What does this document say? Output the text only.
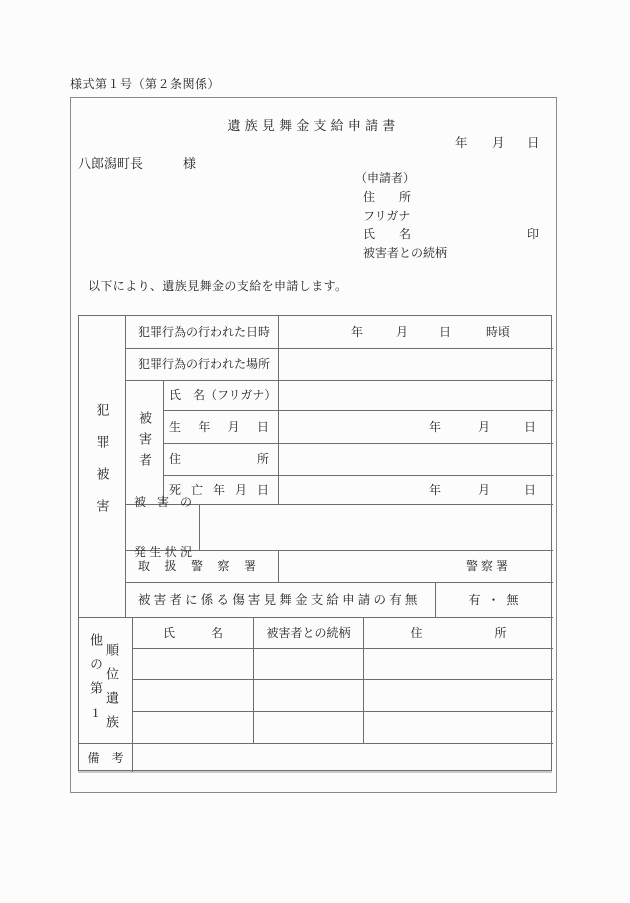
様式第１号（第２条関係）
遺族見舞金支給申請書
年 月 日
八郎潟町長	様
（申請者）
住　　所
フリガナ
氏　　名	印
被害者との続柄
以下により、遺族見舞金の支給を申請します。
犯罪被害
犯罪行為の行われた日時	年	月	日	時頃
犯罪行為の行われた場所
被害者
氏　名（フリガナ）
生 年 月 日	年	月	日
住 所
死 亡 年 月 日	年	月	日

被 害 の

発 生 状 況

取 扱 警 察 署	警察署
被害者に係る傷害見舞金支給申請の有無	有 ・ 無
他の第1 順位遺族
氏　　　名	被害者との続柄	住　　　　　　所
備　考
